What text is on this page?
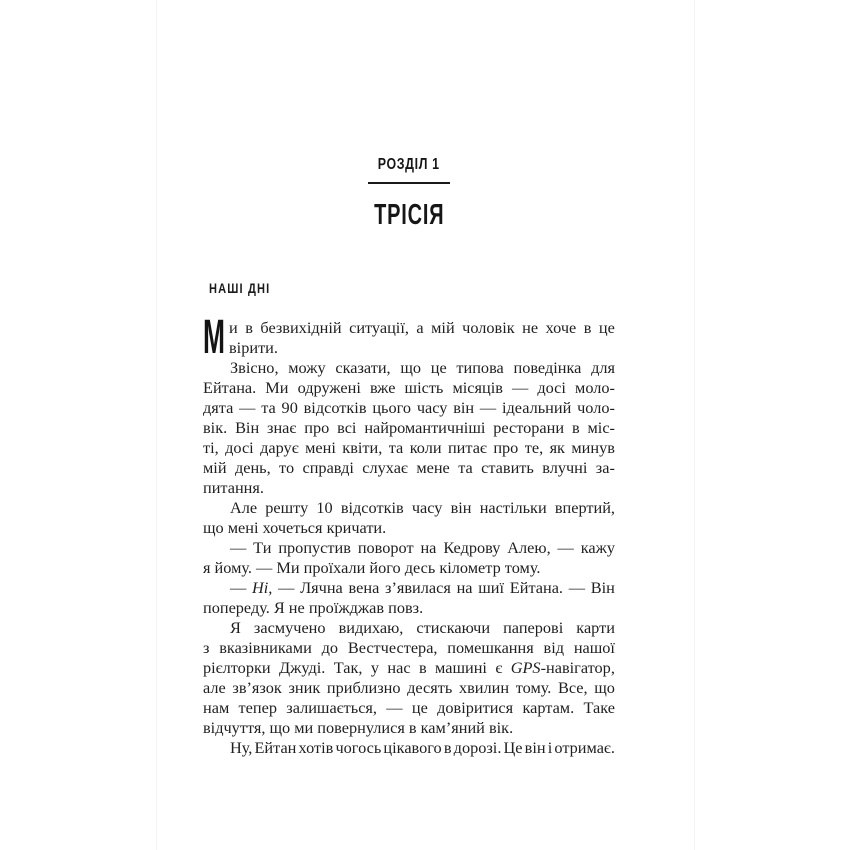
РОЗДІЛ 1
ТРІСІЯ
НАШІ ДНІ
М и в безвихідній ситуації, а мій чоловік не хоче в це
вірити.
Звісно, можу сказати, що це типова поведінка для
Ейтана. Ми одружені вже шість місяців — досі моло-
дята — та 90 відсотків цього часу він — ідеальний чоло-
вік. Він знає про всі найромантичніші ресторани в міс-
ті, досі дарує мені квіти, та коли питає про те, як минув
мій день, то справді слухає мене та ставить влучні за-
питання.
Але решту 10 відсотків часу він настільки впертий,
що мені хочеться кричати.
— Ти пропустив поворот на Кедрову Алею, — кажу
я йому. — Ми проїхали його десь кілометр тому.
— Ні, — Лячна вена з’явилася на шиї Ейтана. — Він
попереду. Я не проїжджав повз.
Я засмучено видихаю, стискаючи паперові карти
з вказівниками до Вестчестера, помешкання від нашої
рієлторки Джуді. Так, у нас в машині є GPS-навігатор,
але зв’язок зник приблизно десять хвилин тому. Все, що
нам тепер залишається, — це довіритися картам. Таке
відчуття, що ми повернулися в кам’яний вік.
Ну, Ейтан хотів чогось цікавого в дорозі. Це він і отримає.
